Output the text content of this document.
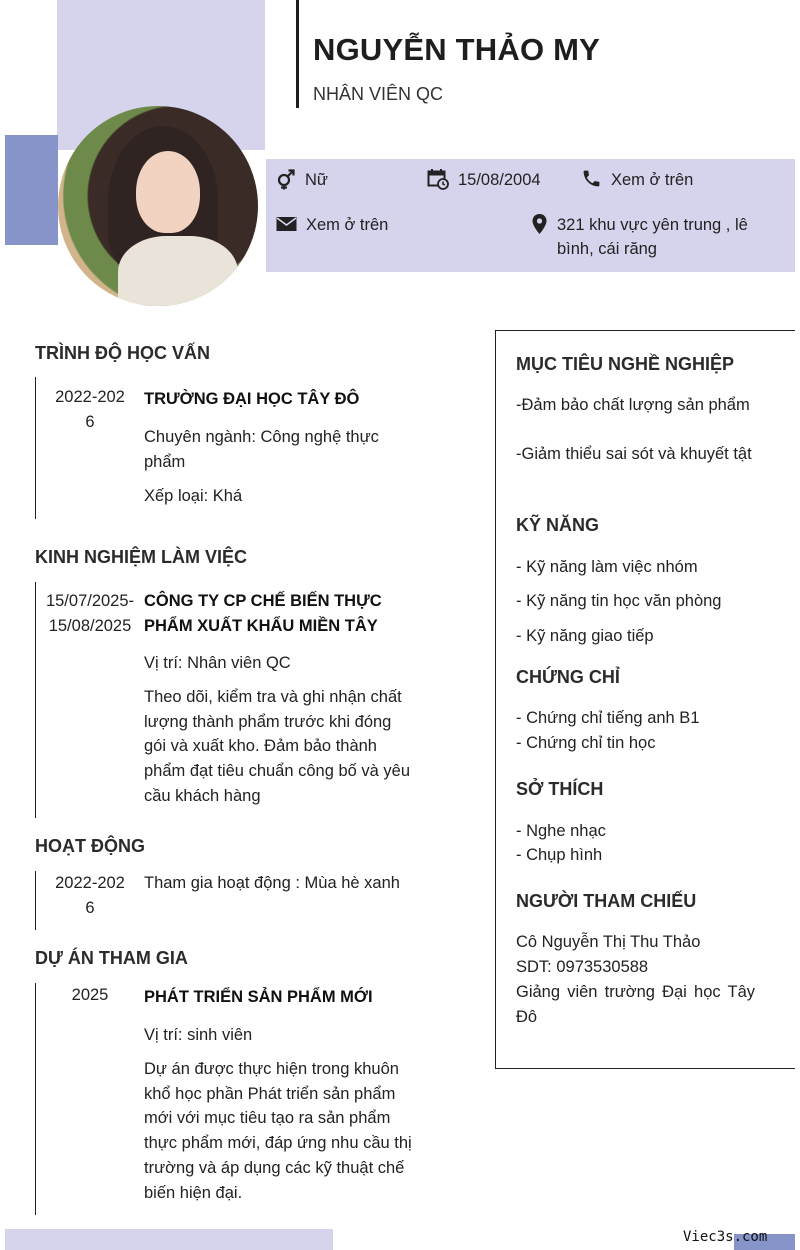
NGUYỄN THẢO MY
NHÂN VIÊN QC
Nữ	15/08/2004	Xem ở trên
Xem ở trên	321 khu vực yên trung , lê bình, cái răng
TRÌNH ĐỘ HỌC VẤN
2022-2026
TRƯỜNG ĐẠI HỌC TÂY ĐÔ
Chuyên ngành: Công nghệ thực phẩm
Xếp loại: Khá
KINH NGHIỆM LÀM VIỆC
15/07/2025-15/08/2025
CÔNG TY CP CHẾ BIẾN THỰC PHẨM XUẤT KHẨU MIỀN TÂY
Vị trí: Nhân viên QC
Theo dõi, kiểm tra và ghi nhận chất lượng thành phẩm trước khi đóng gói và xuất kho. Đảm bảo thành phẩm đạt tiêu chuẩn công bố và yêu cầu khách hàng
HOẠT ĐỘNG
2022-2026
Tham gia hoạt động : Mùa hè xanh
DỰ ÁN THAM GIA
2025	PHÁT TRIỂN SẢN PHẨM MỚI
Vị trí: sinh viên
Dự án được thực hiện trong khuôn khổ học phần Phát triển sản phẩm mới với mục tiêu tạo ra sản phẩm thực phẩm mới, đáp ứng nhu cầu thị trường và áp dụng các kỹ thuật chế biến hiện đại.
MỤC TIÊU NGHỀ NGHIỆP
-Đảm bảo chất lượng sản phẩm
-Giảm thiểu sai sót và khuyết tật
KỸ NĂNG
- Kỹ năng làm việc nhóm
- Kỹ năng tin học văn phòng
- Kỹ năng giao tiếp
CHỨNG CHỈ
- Chứng chỉ tiếng anh B1
- Chứng chỉ tin học
SỞ THÍCH
- Nghe nhạc
- Chụp hình
NGƯỜI THAM CHIẾU
Cô Nguyễn Thị Thu Thảo
SDT: 0973530588
Giảng viên trường Đại học Tây Đô
Viec3s.com
